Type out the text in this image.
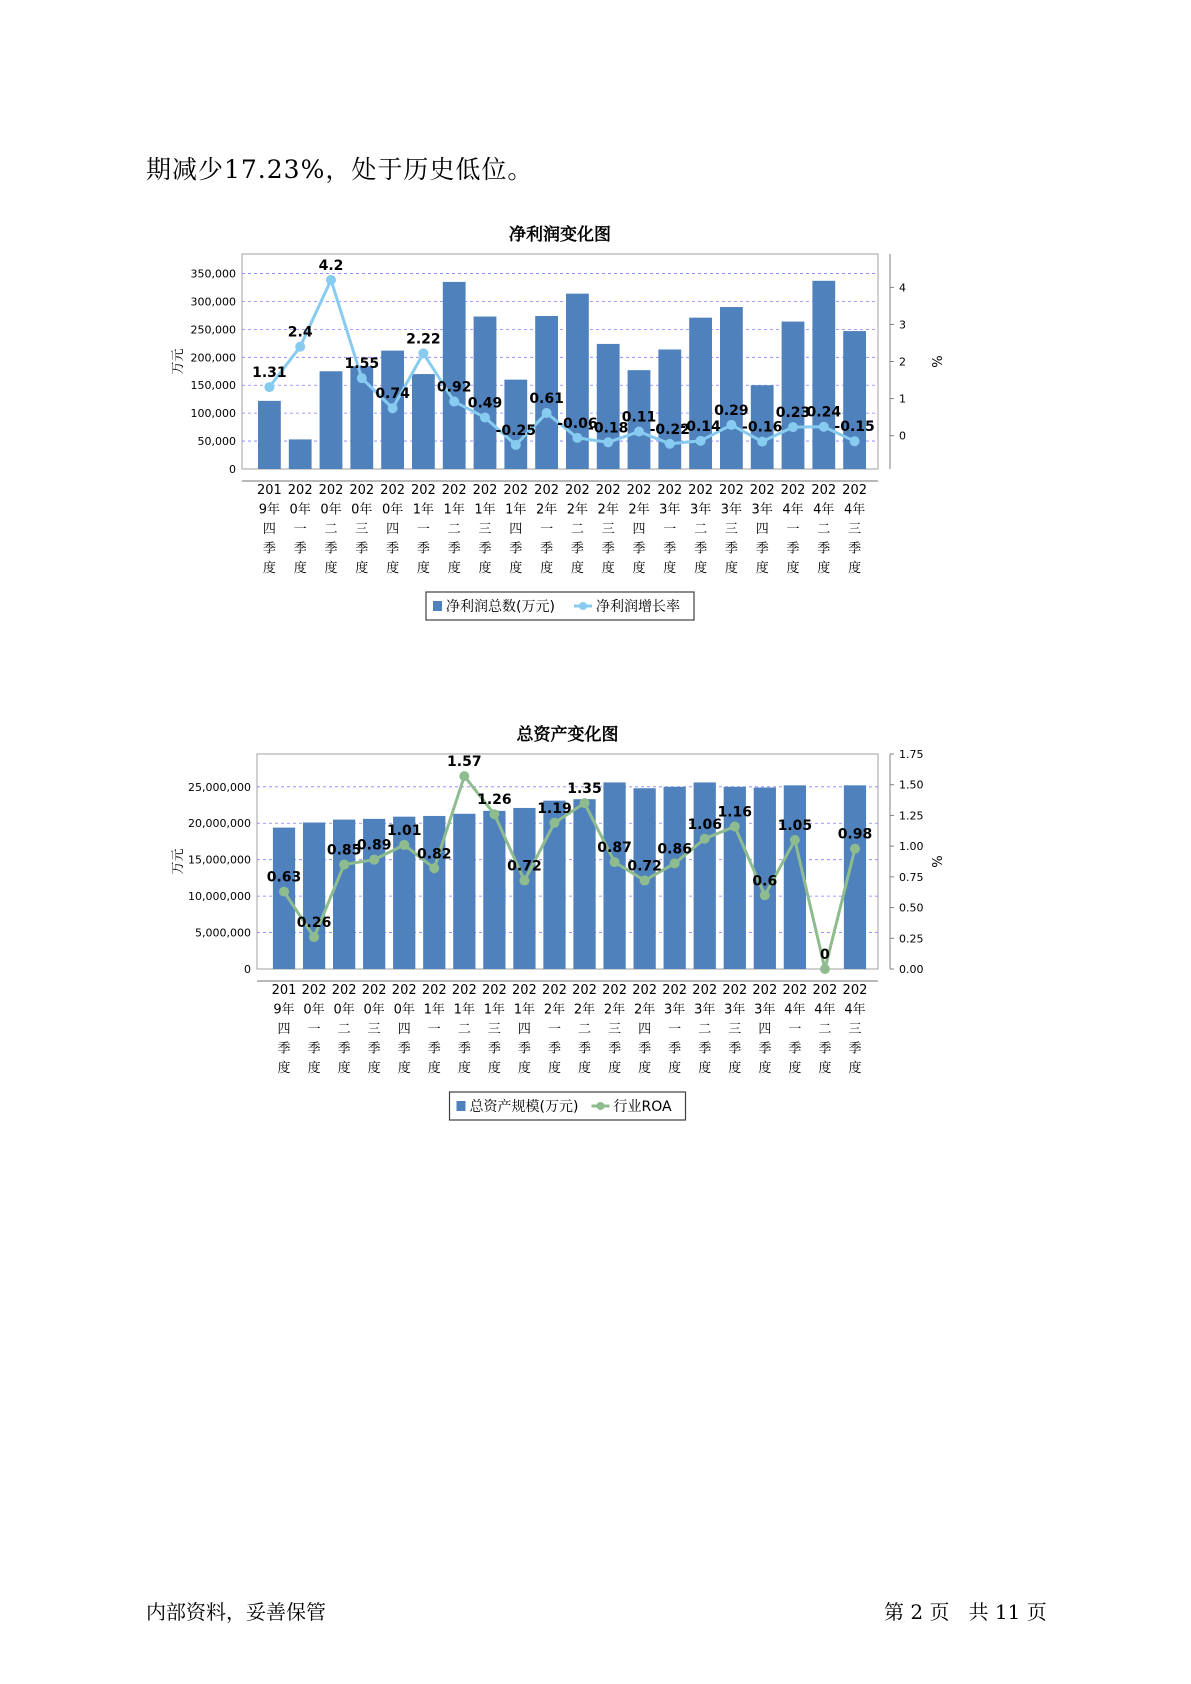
期减少17.23%，处于历史低位。
净利润变化图
0
50,000
100,000
150,000
200,000
250,000
300,000
350,000
万元
0
1
2
3
4
%
1.31
2.4
4.2
1.55
0.74
2.22
0.92
0.49
-0.25
0.61
-0.06
-0.18
0.11
-0.22
-0.14
0.29
-0.16
0.23
0.24
-0.15
201
9年
四
季
度
202
0年
一
季
度
202
0年
二
季
度
202
0年
三
季
度
202
0年
四
季
度
202
1年
一
季
度
202
1年
二
季
度
202
1年
三
季
度
202
1年
四
季
度
202
2年
一
季
度
202
2年
二
季
度
202
2年
三
季
度
202
2年
四
季
度
202
3年
一
季
度
202
3年
二
季
度
202
3年
三
季
度
202
3年
四
季
度
202
4年
一
季
度
202
4年
二
季
度
202
4年
三
季
度
净利润总数(万元)	净利润增长率
总资产变化图
0
5,000,000
10,000,000
15,000,000
20,000,000
25,000,000
万元
0.00
0.25
0.50
0.75
1.00
1.25
1.50
1.75
%
0.63
0.26
0.85
0.89
1.01
0.82
1.57
1.26
0.72
1.19
1.35
0.87
0.72
0.86
1.06
1.16
0.6
1.05
0
0.98
201
9年
四
季
度
202
0年
一
季
度
202
0年
二
季
度
202
0年
三
季
度
202
0年
四
季
度
202
1年
一
季
度
202
1年
二
季
度
202
1年
三
季
度
202
1年
四
季
度
202
2年
一
季
度
202
2年
二
季
度
202
2年
三
季
度
202
2年
四
季
度
202
3年
一
季
度
202
3年
二
季
度
202
3年
三
季
度
202
3年
四
季
度
202
4年
一
季
度
202
4年
二
季
度
202
4年
三
季
度
总资产规模(万元)	行业ROA
内部资料，妥善保管	第 2 页 共 11 页
